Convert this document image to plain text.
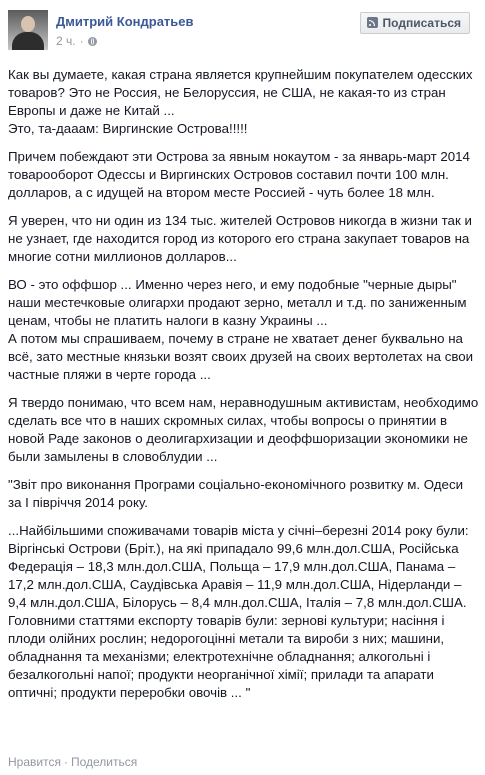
Дмитрий Кондратьев
2 ч. ·
Подписаться

Как вы думаете, какая страна является крупнейшим покупателем одесских товаров? Это не Россия, не Белоруссия, не США, не какая-то из стран Европы и даже не Китай ...
Это, та-дааам: Виргинские Острова!!!!!

Причем побеждают эти Острова за явным нокаутом - за январь-март 2014 товарооборот Одессы и Виргинских Островов составил почти 100 млн. долларов, а с идущей на втором месте Россией - чуть более 18 млн.

Я уверен, что ни один из 134 тыс. жителей Островов никогда в жизни так и не узнает, где находится город из которого его страна закупает товаров на многие сотни миллионов долларов...

ВО - это оффшор ... Именно через него, и ему подобные "черные дыры" наши местечковые олигархи продают зерно, металл и т.д. по заниженным ценам, чтобы не платить налоги в казну Украины ...
А потом мы спрашиваем, почему в стране не хватает денег буквально на всё, зато местные князьки возят своих друзей на своих вертолетах на свои частные пляжи в черте города ...

Я твердо понимаю, что всем нам, неравнодушным активистам, необходимо сделать все что в наших скромных силах, чтобы вопросы о принятии в новой Раде законов о деолигархизации и деоффшоризации экономики не были замылены в словоблудии ...

"Звіт про виконання Програми соціально-економічного розвитку м. Одеси за І півріччя 2014 року.

...Найбільшими споживачами товарів міста у січні–березні 2014 року були: Віргінські Острови (Бріт.), на які припадало 99,6 млн.дол.США, Російська Федерація – 18,3 млн.дол.США, Польща – 17,9 млн.дол.США, Панама – 17,2 млн.дол.США, Саудівська Аравія – 11,9 млн.дол.США, Нідерланди – 9,4 млн.дол.США, Білорусь – 8,4 млн.дол.США, Італія – 7,8 млн.дол.США.
Головними статтями експорту товарів були: зернові культури; насіння і плоди олійних рослин; недорогоцінні метали та вироби з них; машини, обладнання та механізми; електротехнічне обладнання; алкогольні і безалкогольні напої; продукти неорганічної хімії; прилади та апарати оптичні; продукти переробки овочів ... "

Нравится · Поделиться
